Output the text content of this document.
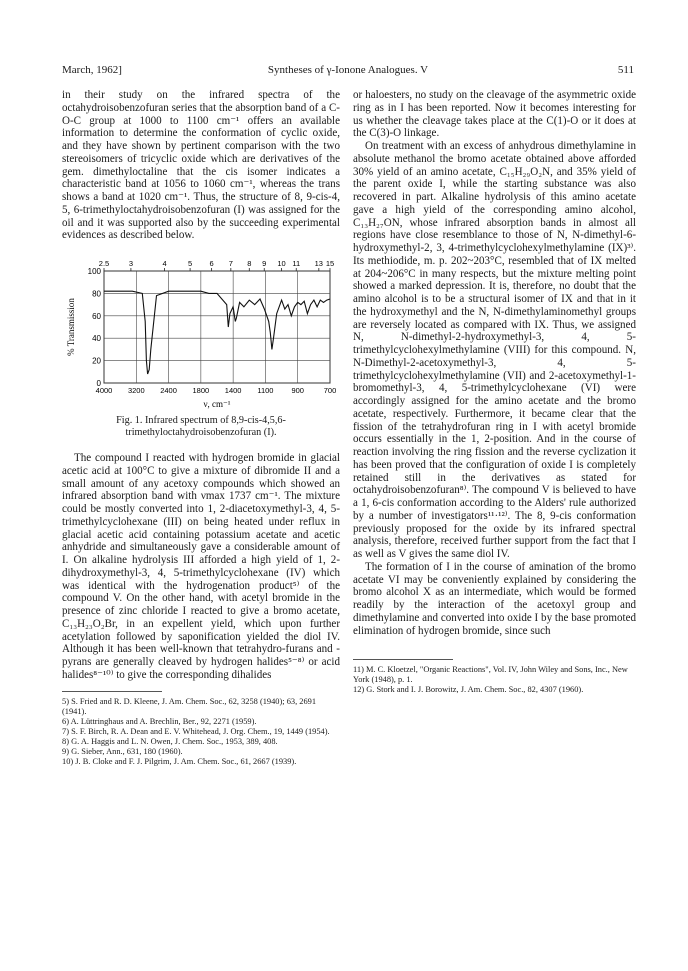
March, 1962]	Syntheses of γ-Ionone Analogues. V	511

in their study on the infrared spectra of the octahydroisobenzofuran series that the absorption band of a C-O-C group at 1000 to 1100 cm⁻¹ offers an available information to determine the conformation of cyclic oxide, and they have shown by pertinent comparison with the two stereoisomers of tricyclic oxide which are derivatives of the gem. dimethyloctaline that the cis isomer indicates a characteristic band at 1056 to 1060 cm⁻¹, whereas the trans shows a band at 1020 cm⁻¹. Thus, the structure of 8, 9-cis-4, 5, 6-trimethyloctahydroisobenzofuran (I) was assigned for the oil and it was supported also by the succeeding experimental evidences as described below.

0
20
40
60
80
100
4000 3200 2400 1800 1400 1100 900	700
2.5	3	4	5 6 7 8 9 10 11 13 15
ν, cm⁻¹
% Transmission
Fig. 1. Infrared spectrum of 8,9-cis-4,5,6-
trimethyloctahydroisobenzofuran (I).

The compound I reacted with hydrogen bromide in glacial acetic acid at 100°C to give a mixture of dibromide II and a small amount of any acetoxy compounds which showed an infrared absorption band with νmax 1737 cm⁻¹. The mixture could be mostly converted into 1, 2-diacetoxymethyl-3, 4, 5-trimethylcyclohexane (III) on being heated under reflux in glacial acetic acid containing potassium acetate and acetic anhydride and simultaneously gave a considerable amount of I. On alkaline hydrolysis III afforded a high yield of 1, 2-dihydroxymethyl-3, 4, 5-trimethylcyclohexane (IV) which was identical with the hydrogenation product⁵⁾ of the compound V. On the other hand, with acetyl bromide in the presence of zinc chloride I reacted to give a bromo acetate, C₁₃H₂₃O₂Br, in an expellent yield, which upon further acetylation followed by saponification yielded the diol IV. Although it has been well-known that tetrahydro-furans and -pyrans are generally cleaved by hydrogen halides⁵⁻⁸⁾ or acid halides⁸⁻¹⁰⁾ to give the corresponding dihalides

5) S. Fried and R. D. Kleene, J. Am. Chem. Soc., 62, 3258 (1940); 63, 2691 (1941).
6) A. Lüttringhaus and A. Brechlin, Ber., 92, 2271 (1959).
7) S. F. Birch, R. A. Dean and E. V. Whitehead, J. Org. Chem., 19, 1449 (1954).
8) G. A. Haggis and L. N. Owen, J. Chem. Soc., 1953, 389, 408.
9) G. Sieber, Ann., 631, 180 (1960).
10) J. B. Cloke and F. J. Pilgrim, J. Am. Chem. Soc., 61, 2667 (1939).

or haloesters, no study on the cleavage of the asymmetric oxide ring as in I has been reported. Now it becomes interesting for us whether the cleavage takes place at the C(1)-O or it does at the C(3)-O linkage.

On treatment with an excess of anhydrous dimethylamine in absolute methanol the bromo acetate obtained above afforded 30% yield of an amino acetate, C₁₅H₂₉O₂N, and 35% yield of the parent oxide I, while the starting substance was also recovered in part. Alkaline hydrolysis of this amino acetate gave a high yield of the corresponding amino alcohol, C₁₃H₂₇ON, whose infrared absorption bands in almost all regions have close resemblance to those of N, N-dimethyl-6-hydroxymethyl-2, 3, 4-trimethylcyclohexylmethylamine (IX)³⁾. Its methiodide, m. p. 202~203°C, resembled that of IX melted at 204~206°C in many respects, but the mixture melting point showed a marked depression. It is, therefore, no doubt that the amino alcohol is to be a structural isomer of IX and that in it the hydroxymethyl and the N, N-dimethylaminomethyl groups are reversely located as compared with IX. Thus, we assigned N, N-dimethyl-2-hydroxymethyl-3, 4, 5-trimethylcyclohexylmethylamine (VIII) for this compound. N, N-Dimethyl-2-acetoxymethyl-3, 4, 5-trimethylcyclohexylmethylamine (VII) and 2-acetoxymethyl-1-bromomethyl-3, 4, 5-trimethylcyclohexane (VI) were accordingly assigned for the amino acetate and the bromo acetate, respectively. Furthermore, it became clear that the fission of the tetrahydrofuran ring in I with acetyl bromide occurs essentially in the 1, 2-position. And in the course of reaction involving the ring fission and the reverse cyclization it has been proved that the configuration of oxide I is completely retained still in the derivatives as stated for octahydroisobenzofuran⁸⁾. The compound V is believed to have a 1, 6-cis conformation according to the Alders' rule authorized by a number of investigators¹¹·¹²⁾. The 8, 9-cis conformation previously proposed for the oxide by its infrared spectral analysis, therefore, received further support from the fact that I as well as V gives the same diol IV.

The formation of I in the course of amination of the bromo acetate VI may be conveniently explained by considering the bromo alcohol X as an intermediate, which would be formed readily by the interaction of the acetoxyl group and dimethylamine and converted into oxide I by the base promoted elimination of hydrogen bromide, since such

11) M. C. Kloetzel, "Organic Reactions", Vol. IV, John Wiley and Sons, Inc., New York (1948), p. 1.
12) G. Stork and I. J. Borowitz, J. Am. Chem. Soc., 82, 4307 (1960).
